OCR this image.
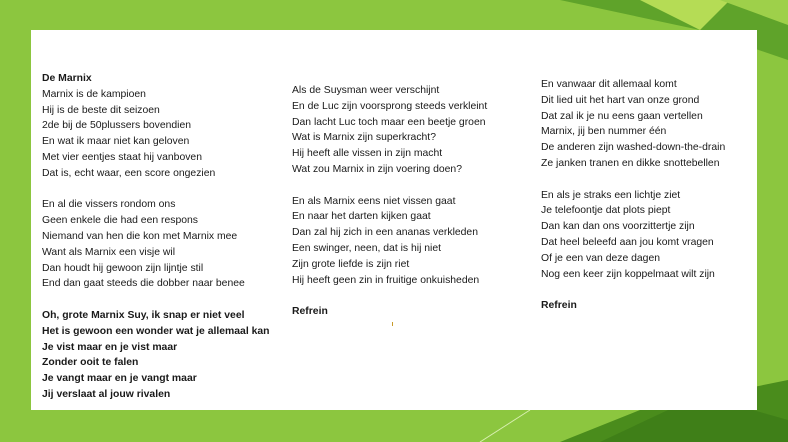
De Marnix
Marnix is de kampioen
Hij is de beste dit seizoen
2de bij de 50plussers bovendien
En wat ik maar niet kan geloven
Met vier eentjes staat hij vanboven
Dat is, echt waar, een score ongezien
En al die vissers rondom ons
Geen enkele die had een respons
Niemand van hen die kon met Marnix mee
Want als Marnix een visje wil
Dan houdt hij gewoon zijn lijntje stil
End dan gaat steeds die dobber naar benee
Oh, grote Marnix Suy, ik snap er niet veel
Het is gewoon een wonder wat je allemaal kan
Je vist maar en je vist maar
Zonder ooit te falen
Je vangt maar en je vangt maar
Jij verslaat al jouw rivalen
Als de Suysman weer verschijnt
En de Luc zijn voorsprong steeds verkleint
Dan lacht Luc toch maar een beetje groen
Wat is Marnix zijn superkracht?
Hij heeft alle vissen in zijn macht
Wat zou Marnix in zijn voering doen?
En als Marnix eens niet vissen gaat
En naar het darten kijken gaat
Dan zal hij zich in een ananas verkleden
Een swinger, neen, dat is hij niet
Zijn grote liefde is zijn riet
Hij heeft geen zin in fruitige onkuisheden
Refrein
En vanwaar dit allemaal komt
Dit lied uit het hart van onze grond
Dat zal ik je nu eens gaan vertellen
Marnix, jij ben nummer één
De anderen zijn washed-down-the-drain
Ze janken tranen en dikke snottebellen
En als je straks een lichtje ziet
Je telefoontje dat plots piept
Dan kan dan ons voorzittertje zijn
Dat heel beleefd aan jou komt vragen
Of je een van deze dagen
Nog een keer zijn koppelmaat wilt zijn
Refrein
